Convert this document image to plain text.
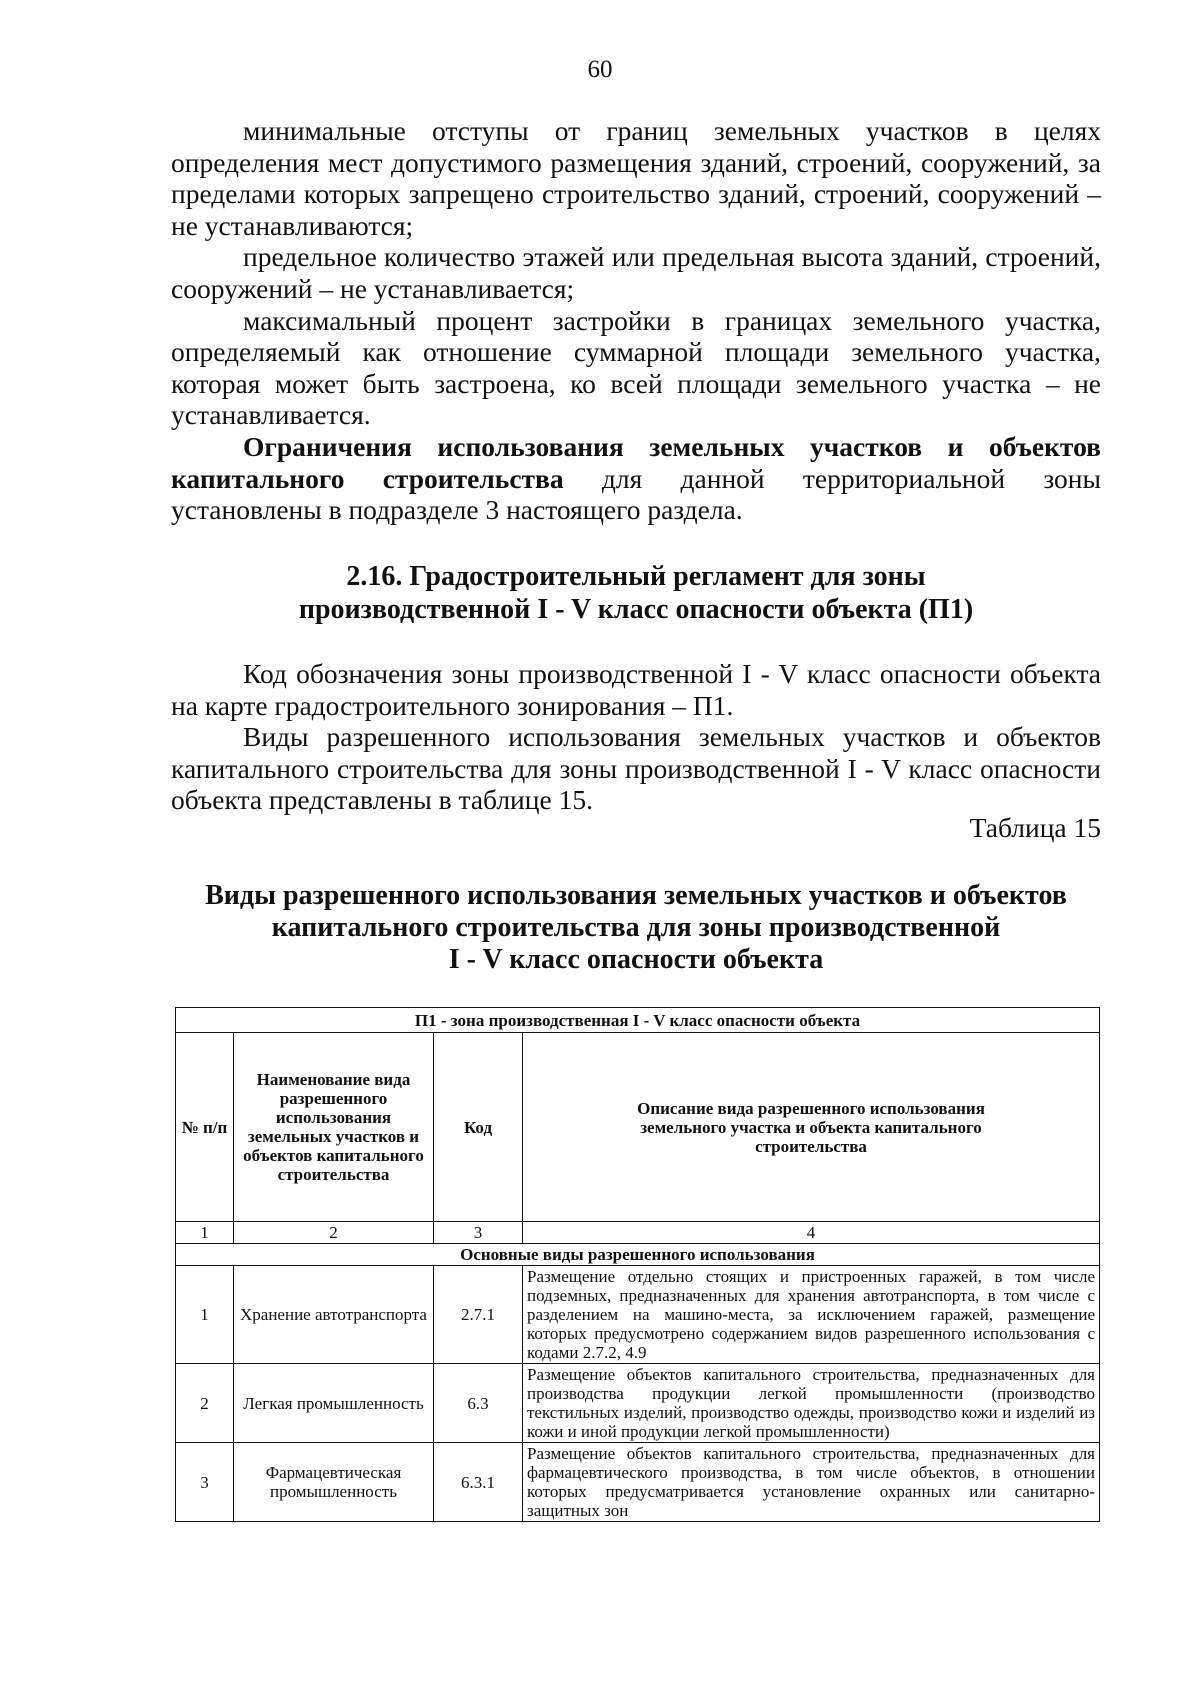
60

минимальные отступы от границ земельных участков в целях определения мест допустимого размещения зданий, строений, сооружений, за пределами которых запрещено строительство зданий, строений, сооружений – не устанавливаются;

предельное количество этажей или предельная высота зданий, строений, сооружений – не устанавливается;

максимальный процент застройки в границах земельного участка, определяемый как отношение суммарной площади земельного участка, которая может быть застроена, ко всей площади земельного участка – не устанавливается.

Ограничения использования земельных участков и объектов капитального строительства для данной территориальной зоны установлены в подразделе 3 настоящего раздела.

2.16. Градостроительный регламент для зоны
производственной I - V класс опасности объекта (П1)

Код обозначения зоны производственной I - V класс опасности объекта на карте градостроительного зонирования – П1.

Виды разрешенного использования земельных участков и объектов капитального строительства для зоны производственной I - V класс опасности объекта представлены в таблице 15.

Таблица 15
Виды разрешенного использования земельных участков и объектов
капитального строительства для зоны производственной
I - V класс опасности объекта
П1 - зона производственная I - V класс опасности объекта			
№ п/п	Наименование вида разрешенного использования земельных участков и объектов капитального строительства	Код	Описание вида разрешенного использования земельного участка и объекта капитального строительства
1	2	3	4
Основные виды разрешенного использования			
1	Хранение автотранспорта	2.7.1	Размещение отдельно стоящих и пристроенных гаражей, в том числе подземных, предназначенных для хранения автотранспорта, в том числе с разделением на машино-места, за исключением гаражей, размещение которых предусмотрено содержанием видов разрешенного использования с кодами 2.7.2, 4.9
2	Легкая промышленность	6.3	Размещение объектов капитального строительства, предназначенных для производства продукции легкой промышленности (производство текстильных изделий, производство одежды, производство кожи и изделий из кожи и иной продукции легкой промышленности)
3	Фармацевтическая промышленность	6.3.1	Размещение объектов капитального строительства, предназначенных для фармацевтического производства, в том числе объектов, в отношении которых предусматривается установление охранных или санитарно-защитных зон
